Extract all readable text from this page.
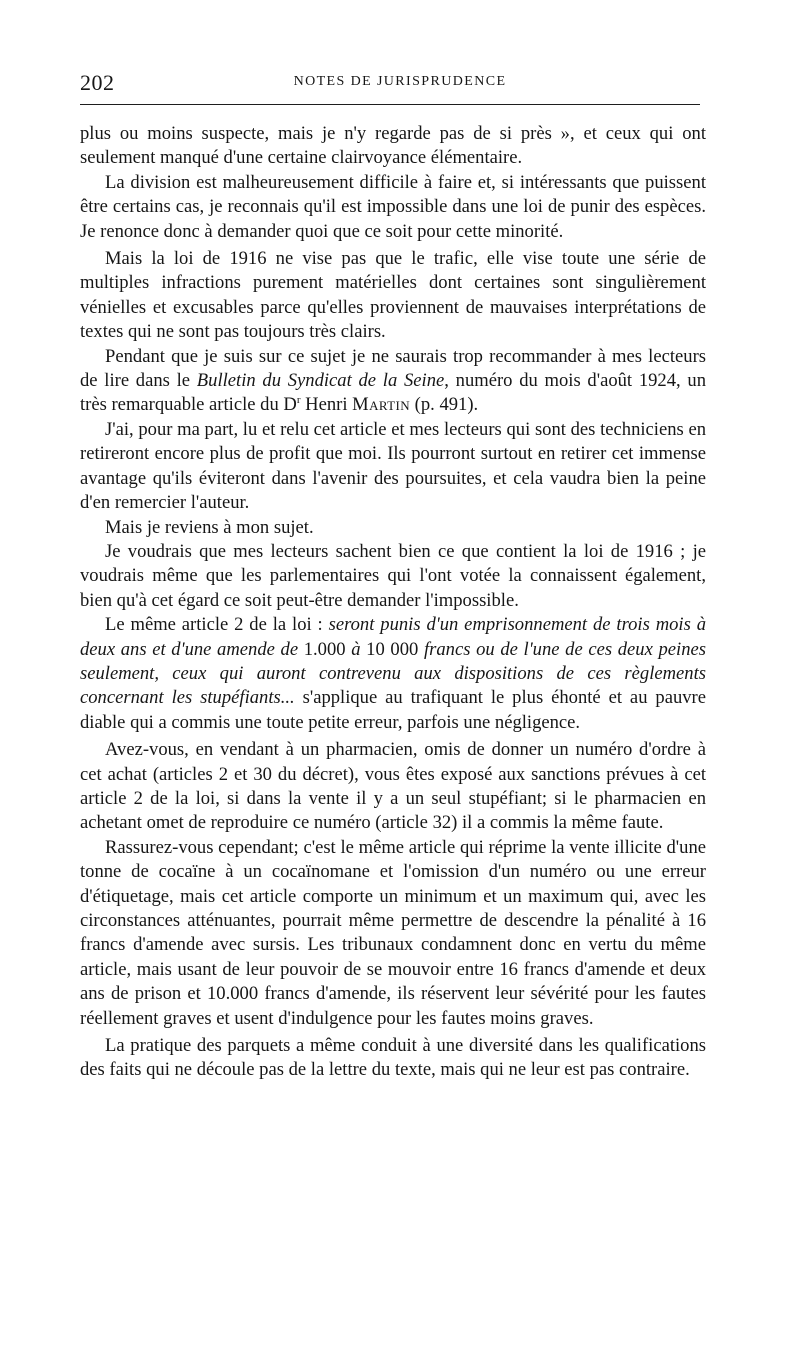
202	NOTES DE JURISPRUDENCE

plus ou moins suspecte, mais je n'y regarde pas de si près », et ceux qui ont seulement manqué d'une certaine clairvoyance élémentaire.

La division est malheureusement difficile à faire et, si intéressants que puissent être certains cas, je reconnais qu'il est impossible dans une loi de punir des espèces. Je renonce donc à demander quoi que ce soit pour cette minorité.

Mais la loi de 1916 ne vise pas que le trafic, elle vise toute une série de multiples infractions purement matérielles dont certaines sont singulièrement vénielles et excusables parce qu'elles proviennent de mauvaises interprétations de textes qui ne sont pas toujours très clairs.

Pendant que je suis sur ce sujet je ne saurais trop recommander à mes lecteurs de lire dans le Bulletin du Syndicat de la Seine, numéro du mois d'août 1924, un très remarquable article du $D^r$ Henri Martin (p. 491).

J'ai, pour ma part, lu et relu cet article et mes lecteurs qui sont des techniciens en retireront encore plus de profit que moi. Ils pourront surtout en retirer cet immense avantage qu'ils éviteront dans l'avenir des poursuites, et cela vaudra bien la peine d'en remercier l'auteur.

Mais je reviens à mon sujet.

Je voudrais que mes lecteurs sachent bien ce que contient la loi de 1916 ; je voudrais même que les parlementaires qui l'ont votée la connaissent également, bien qu'à cet égard ce soit peut-être demander l'impossible.

Le même article 2 de la loi : seront punis d'un emprisonnement de trois mois à deux ans et d'une amende de 1.000 à 10 000 francs ou de l'une de ces deux peines seulement, ceux qui auront contrevenu aux dispositions de ces règlements concernant les stupéfiants... s'applique au trafiquant le plus éhonté et au pauvre diable qui a commis une toute petite erreur, parfois une négligence.

Avez-vous, en vendant à un pharmacien, omis de donner un numéro d'ordre à cet achat (articles 2 et 30 du décret), vous êtes exposé aux sanctions prévues à cet article 2 de la loi, si dans la vente il y a un seul stupéfiant; si le pharmacien en achetant omet de reproduire ce numéro (article 32) il a commis la même faute.

Rassurez-vous cependant; c'est le même article qui réprime la vente illicite d'une tonne de cocaïne à un cocaïnomane et l'omission d'un numéro ou une erreur d'étiquetage, mais cet article comporte un minimum et un maximum qui, avec les circonstances atténuantes, pourrait même permettre de descendre la pénalité à 16 francs d'amende avec sursis. Les tribunaux condamnent donc en vertu du même article, mais usant de leur pouvoir de se mouvoir entre 16 francs d'amende et deux ans de prison et 10.000 francs d'amende, ils réservent leur sévérité pour les fautes réellement graves et usent d'indulgence pour les fautes moins graves.

La pratique des parquets a même conduit à une diversité dans les qualifications des faits qui ne découle pas de la lettre du texte, mais qui ne leur est pas contraire.
